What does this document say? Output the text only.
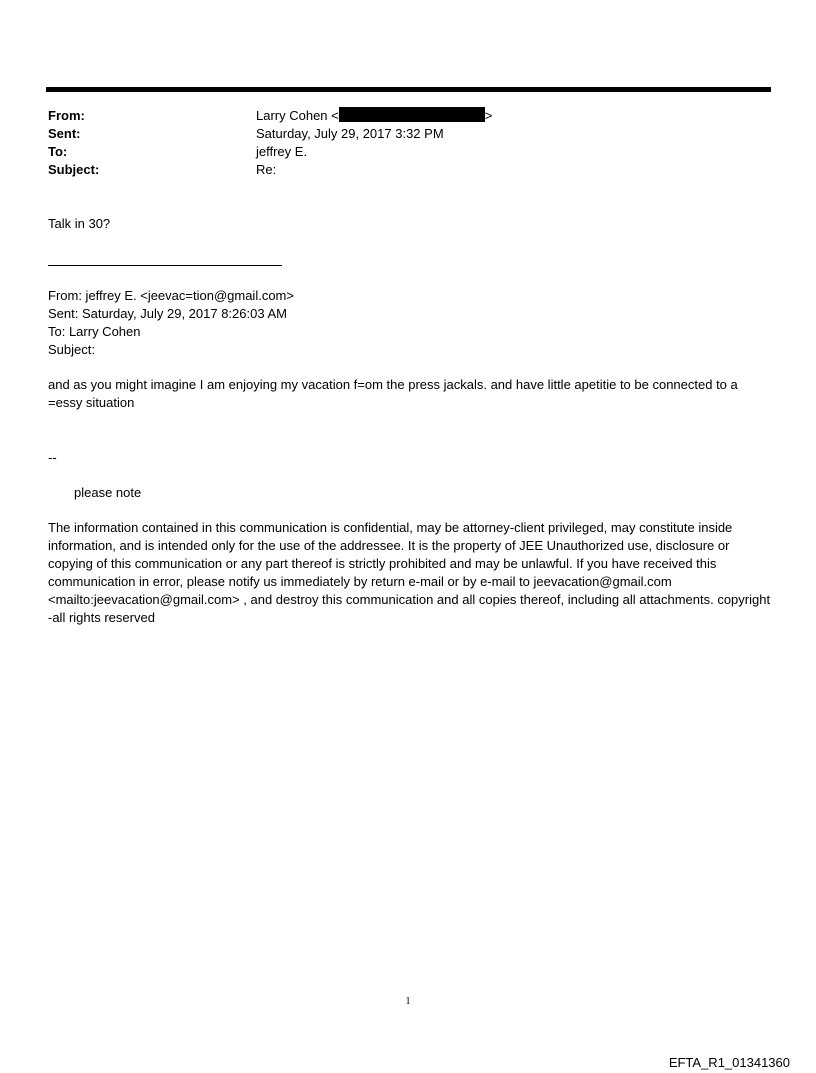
From:	Larry Cohen <	>
Sent:	Saturday, July 29, 2017 3:32 PM
To:	jeffrey E.
Subject:	Re:
Talk in 30?
From: jeffrey E. <jeevac=tion@gmail.com>
Sent: Saturday, July 29, 2017 8:26:03 AM
To: Larry Cohen
Subject:
and as you might imagine I am enjoying my vacation f=om the press jackals. and have little apetitie to be connected to a =essy situation
--
please note
The information contained in this communication is confidential, may be attorney-client privileged, may constitute inside information, and is intended only for the use of the addressee. It is the property of JEE Unauthorized use, disclosure or copying of this communication or any part thereof is strictly prohibited and may be unlawful. If you have received this communication in error, please notify us immediately by return e-mail or by e-mail to jeevacation@gmail.com <mailto:jeevacation@gmail.com> , and destroy this communication and all copies thereof, including all attachments. copyright -all rights reserved
1
EFTA_R1_01341360
